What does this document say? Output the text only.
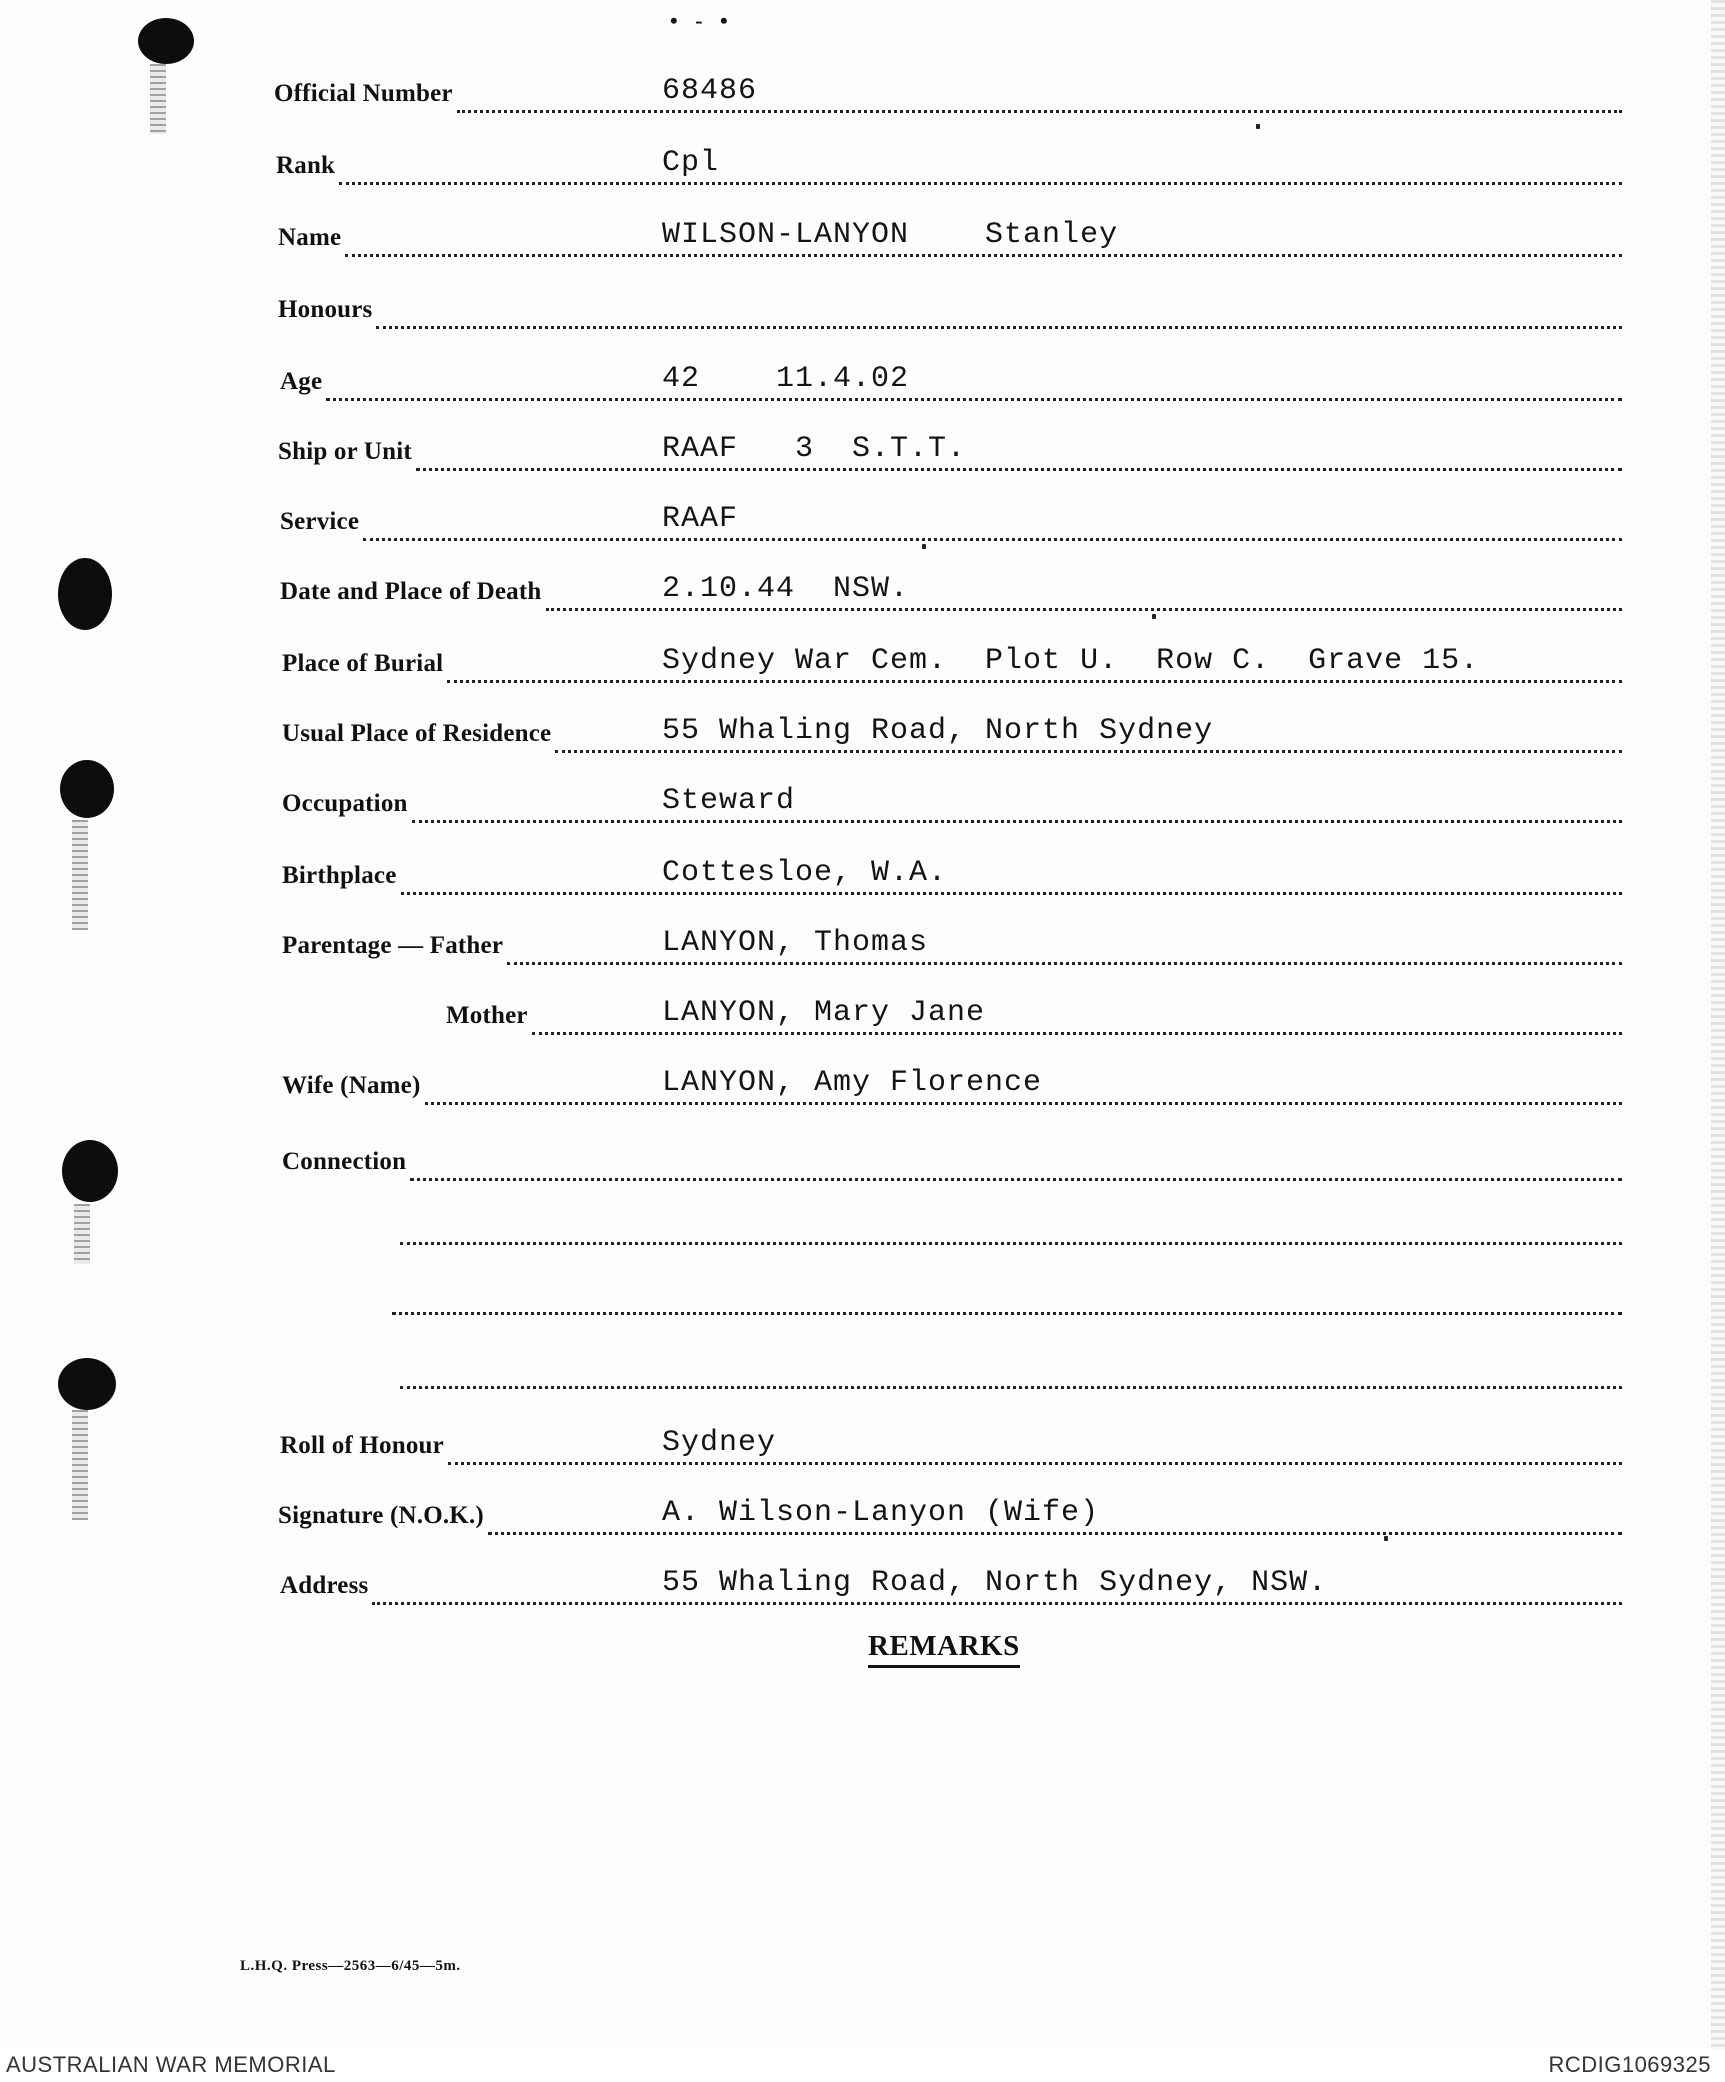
• - •
Official Number	68486
Rank	Cpl
Name	WILSON-LANYON    Stanley
Honours
Age	42    11.4.02
Ship or Unit	RAAF   3  S.T.T.
Service	RAAF
Date and Place of Death	2.10.44  NSW.
Place of Burial	Sydney War Cem.  Plot U.  Row C.  Grave 15.
Usual Place of Residence	55 Whaling Road, North Sydney
Occupation	Steward
Birthplace	Cottesloe, W.A.
Parentage — Father	LANYON, Thomas
Mother	LANYON, Mary Jane
Wife (Name)	LANYON, Amy Florence
Connection
Roll of Honour	Sydney
Signature (N.O.K.)	A. Wilson-Lanyon (Wife)
Address	55 Whaling Road, North Sydney, NSW.
REMARKS
L.H.Q. Press—2563—6/45—5m.
AUSTRALIAN WAR MEMORIAL	RCDIG1069325
